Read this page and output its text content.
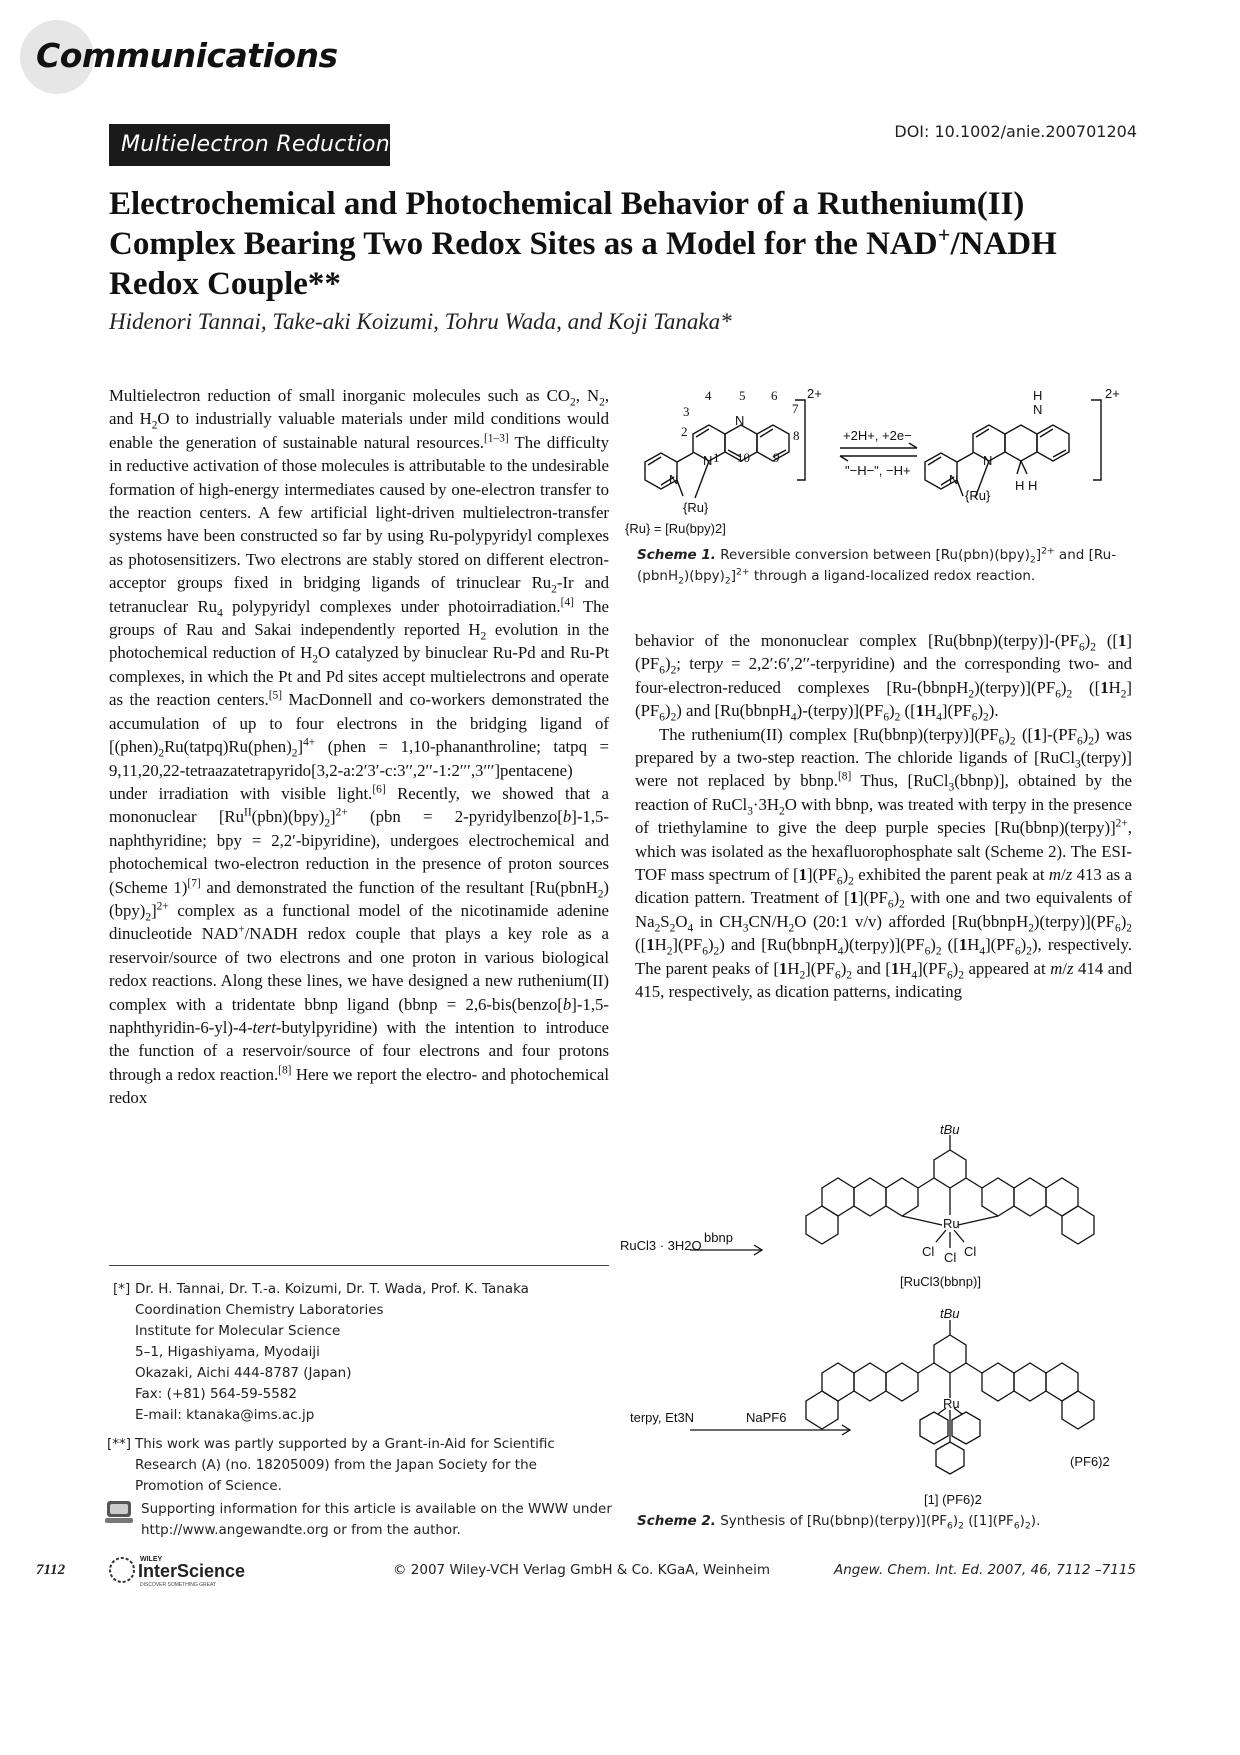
Communications
Multielectron Reduction
DOI: 10.1002/anie.200701204
Electrochemical and Photochemical Behavior of a Ruthenium(II) Complex Bearing Two Redox Sites as a Model for the NAD+/NADH Redox Couple**
Hidenori Tannai, Take-aki Koizumi, Tohru Wada, and Koji Tanaka*

Multielectron reduction of small inorganic molecules such as $CO_2$, $N_2$, and $H_2O$ to industrially valuable materials under mild conditions would enable the generation of sustainable natural resources.[1–3] The difficulty in reductive activation of those molecules is attributable to the undesirable formation of high-energy intermediates caused by one-electron transfer to the reaction centers. A few artificial light-driven multielectron-transfer systems have been constructed so far by using Ru-polypyridyl complexes as photosensitizers. Two electrons are stably stored on different electron-acceptor groups fixed in bridging ligands of trinuclear $Ru_2-Ir$ and tetranuclear $Ru_4$ polypyridyl complexes under photoirradiation.[4] The groups of Rau and Sakai independently reported $H_2$ evolution in the photochemical reduction of $H_2O$ catalyzed by binuclear Ru-Pd and Ru-Pt complexes, in which the Pt and Pd sites accept multielectrons and operate as the reaction centers.[5] MacDonnell and co-workers demonstrated the accumulation of up to four electrons in the bridging ligand of $[(phen)_2Ru(tatpq)Ru(phen)_2]^{4+}$ (phen = 1,10-phananthroline; tatpq = 9,11,20,22-tetraazatetrapyrido[3,2-a:2′3′-c:3′′,2′′-1:2′′′,3′′′]pentacene) under irradiation with visible light.[6] Recently, we showed that a mononuclear $[Ru^{II}(pbn)(bpy)_2]^{2+}$ (pbn = 2-pyridylbenzo[b]-1,5-naphthyridine; bpy = 2,2′-bipyridine), undergoes electrochemical and photochemical two-electron reduction in the presence of proton sources (Scheme 1)[7] and demonstrated the function of the resultant $[Ru(pbnH_2)(bpy)_2]^{2+}$ complex as a functional model of the nicotinamide adenine dinucleotide NAD+/NADH redox couple that plays a key role as a reservoir/source of two electrons and one proton in various biological redox reactions. Along these lines, we have designed a new ruthenium(II) complex with a tridentate bbnp ligand (bbnp = 2,6-bis(benzo[b]-1,5-naphthyridin-6-yl)-4-tert-butylpyridine) with the intention to introduce the function of a reservoir/source of four electrons and four protons through a redox reaction.[8] Here we report the electro- and photochemical redox

behavior of the mononuclear complex $[Ru(bbnp)(terpy)]-(PF_6)_2$ ($[1](PF_6)_2$; terpy = 2,2′:6′,2′′-terpyridine) and the corresponding two- and four-electron-reduced complexes $[Ru-(bbnpH_2)(terpy)](PF_6)_2$ $([1H_2](PF_6)_2)$ and $[Ru(bbnpH_4)-(terpy)](PF_6)_2$ $([1H_4](PF_6)_2)$.

The ruthenium(II) complex $[Ru(bbnp)(terpy)](PF_6)_2$ $([1]-(PF_6)_2)$ was prepared by a two-step reaction. The chloride ligands of [RuCl$_3$(terpy)] were not replaced by bbnp.[8] Thus, [RuCl$_3$(bbnp)], obtained by the reaction of $RuCl_3\cdot 3H_2O$ with bbnp, was treated with terpy in the presence of triethylamine to give the deep purple species [Ru(bbnp)(terpy)]$^{2+}$, which was isolated as the hexafluorophosphate salt (Scheme 2). The ESI-TOF mass spectrum of $[1](PF_6)_2$ exhibited the parent peak at m/z 413 as a dication pattern. Treatment of $[1](PF_6)_2$ with one and two equivalents of $Na_2S_2O_4$ in $CH_3CN/H_2O$ (20:1 v/v) afforded $[Ru(bbnpH_2)(terpy)](PF_6)_2$ $([1H_2](PF_6)_2)$ and $[Ru(bbnpH_4)(terpy)](PF_6)_2$ $([1H_4](PF_6)_2)$, respectively. The parent peaks of $[1H_2](PF_6)_2$ and $[1H_4](PF_6)_2$ appeared at m/z 414 and 415, respectively, as dication patterns, indicating

3
4 5 6
7
2	8
1 10 9
N
N
N
{Ru}
{Ru} = [Ru(bpy)2]
2+
+2H+, +2e−
"−H−", −H+
H
N
N
N	H H
{Ru}
2+
Scheme 1. Reversible conversion between $[Ru(pbn)(bpy)_2]^{2+}$ and $[Ru-(pbnH_2)(bpy)_2]^{2+}$ through a ligand-localized redox reaction.
tBu
Ru
Cl Cl
Cl
RuCl3 · 3H2O
bbnp
[RuCl3(bbnp)]
tBu
Ru
terpy, Et3N	NaPF6
(PF6)2
[1] (PF6)2
Scheme 2. Synthesis of $[Ru(bbnp)(terpy)](PF_6)_2$ $([1](PF_6)_2)$.
[*] Dr. H. Tannai, Dr. T.-a. Koizumi, Dr. T. Wada, Prof. K. Tanaka
Coordination Chemistry Laboratories
Institute for Molecular Science
5–1, Higashiyama, Myodaiji
Okazaki, Aichi 444-8787 (Japan)
Fax: (+81) 564-59-5582
E-mail: ktanaka@ims.ac.jp
[**] This work was partly supported by a Grant-in-Aid for Scientific Research (A) (no. 18205009) from the Japan Society for the Promotion of Science.
Supporting information for this article is available on the WWW under http://www.angewandte.org or from the author.
7112
WILEY
InterScience
DISCOVER SOMETHING GREAT
© 2007 Wiley-VCH Verlag GmbH & Co. KGaA, Weinheim	Angew. Chem. Int. Ed. 2007, 46, 7112 –7115
